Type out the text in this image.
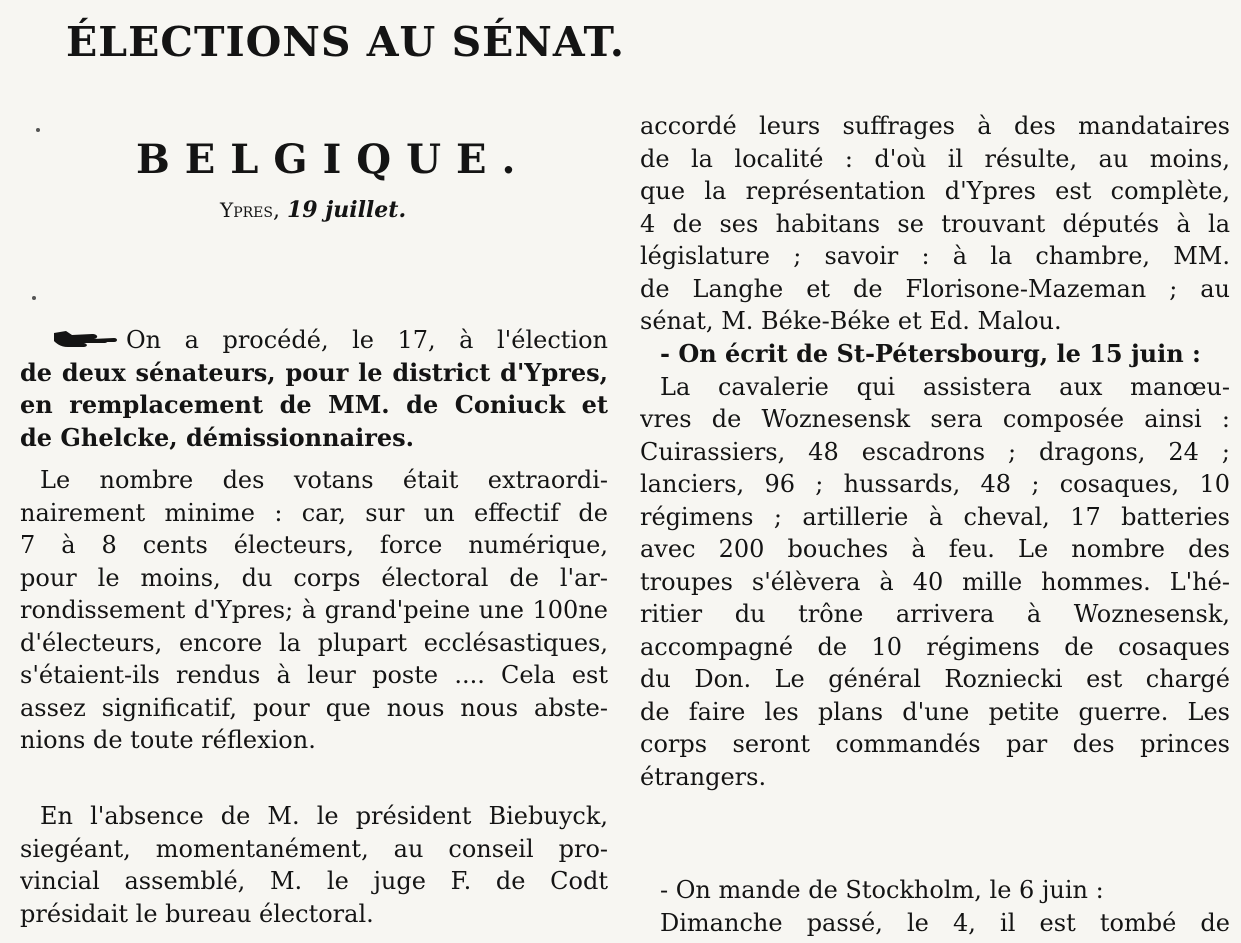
ÉLECTIONS AU SÉNAT.
BELGIQUE.
Ypres, 19 juillet.
On a procédé, le 17, à l'élection
de deux sénateurs, pour le district d'Ypres,
en remplacement de MM. de Coniuck et
de Ghelcke, démissionnaires.
Le nombre des votans était extraordi-
nairement minime : car, sur un effectif de
7 à 8 cents électeurs, force numérique,
pour le moins, du corps électoral de l'ar-
rondissement d'Ypres; à grand'peine une 100ne
d'électeurs, encore la plupart ecclésastiques,
s'étaient-ils rendus à leur poste .... Cela est
assez significatif, pour que nous nous abste-
nions de toute réflexion.
En l'absence de M. le président Biebuyck,
siegéant, momentanément, au conseil pro-
vincial assemblé, M. le juge F. de Codt
présidait le bureau électoral.
accordé leurs suffrages à des mandataires
de la localité : d'où il résulte, au moins,
que la représentation d'Ypres est complète,
4 de ses habitans se trouvant députés à la
législature ; savoir : à la chambre, MM.
de Langhe et de Florisone-Mazeman ; au
sénat, M. Béke-Béke et Ed. Malou.
- On écrit de St-Pétersbourg, le 15 juin :
La cavalerie qui assistera aux manœu-
vres de Woznesensk sera composée ainsi :
Cuirassiers, 48 escadrons ; dragons, 24 ;
lanciers, 96 ; hussards, 48 ; cosaques, 10
régimens ; artillerie à cheval, 17 batteries
avec 200 bouches à feu. Le nombre des
troupes s'élèvera à 40 mille hommes. L'hé-
ritier du trône arrivera à Woznesensk,
accompagné de 10 régimens de cosaques
du Don. Le général Rozniecki est chargé
de faire les plans d'une petite guerre. Les
corps seront commandés par des princes
étrangers.
- On mande de Stockholm, le 6 juin :
Dimanche passé, le 4, il est tombé de
